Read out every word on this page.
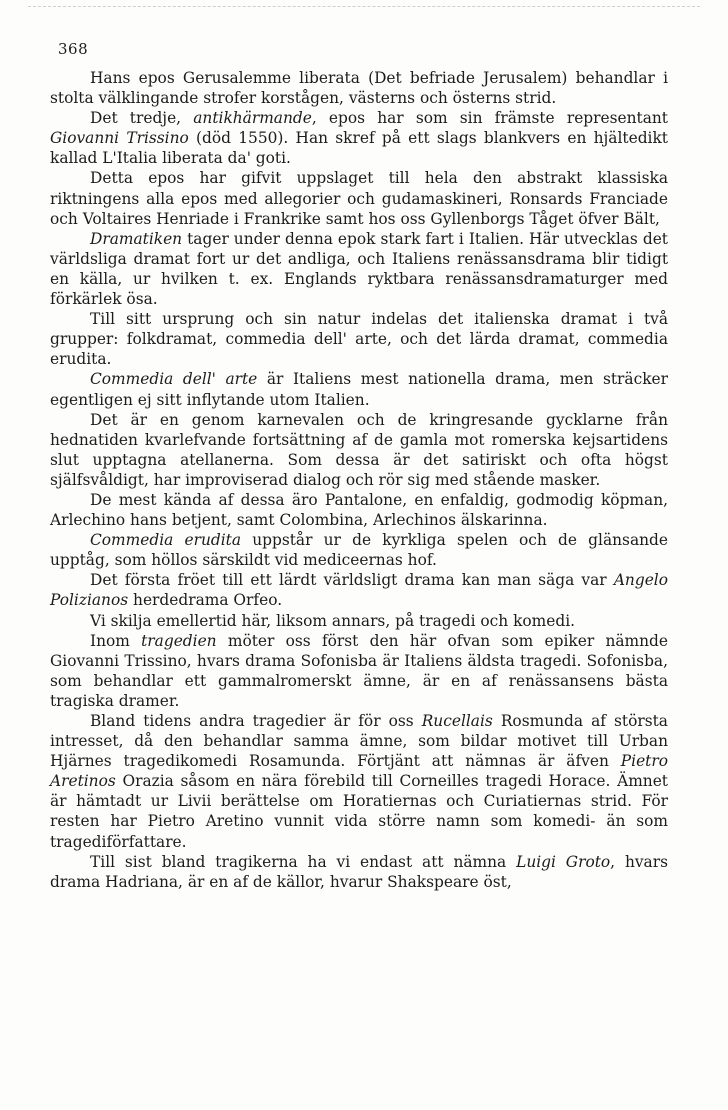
368

Hans epos Gerusalemme liberata (Det befriade Jerusalem) behandlar i stolta välklingande strofer korstågen, västerns och österns strid.

Det tredje, antikhärmande, epos har som sin främste representant Giovanni Trissino (död 1550). Han skref på ett slags blankvers en hjältedikt kallad L'Italia liberata da' goti.

Detta epos har gifvit uppslaget till hela den abstrakt klassiska riktningens alla epos med allegorier och gudamaskineri, Ronsards Franciade och Voltaires Henriade i Frankrike samt hos oss Gyllenborgs Tåget öfver Bält,

Dramatiken tager under denna epok stark fart i Italien. Här utvecklas det världsliga dramat fort ur det andliga, och Italiens renässansdrama blir tidigt en källa, ur hvilken t. ex. Englands ryktbara renässansdramaturger med förkärlek ösa.

Till sitt ursprung och sin natur indelas det italienska dramat i två grupper: folkdramat, commedia dell' arte, och det lärda dramat, commedia erudita.

Commedia dell' arte är Italiens mest nationella drama, men sträcker egentligen ej sitt inflytande utom Italien.

Det är en genom karnevalen och de kringresande gycklarne från hednatiden kvarlefvande fortsättning af de gamla mot romerska kejsartidens slut upptagna atellanerna. Som dessa är det satiriskt och ofta högst själfsvåldigt, har improviserad dialog och rör sig med stående masker.

De mest kända af dessa äro Pantalone, en enfaldig, godmodig köpman, Arlechino hans betjent, samt Colombina, Arlechinos älskarinna.

Commedia erudita uppstår ur de kyrkliga spelen och de glänsande upptåg, som höllos särskildt vid mediceernas hof.

Det första fröet till ett lärdt världsligt drama kan man säga var Angelo Polizianos herdedrama Orfeo.

Vi skilja emellertid här, liksom annars, på tragedi och komedi.

Inom tragedien möter oss först den här ofvan som epiker nämnde Giovanni Trissino, hvars drama Sofonisba är Italiens äldsta tragedi. Sofonisba, som behandlar ett gammalromerskt ämne, är en af renässansens bästa tragiska dramer.

Bland tidens andra tragedier är för oss Rucellais Rosmunda af största intresset, då den behandlar samma ämne, som bildar motivet till Urban Hjärnes tragedikomedi Rosamunda. Förtjänt att nämnas är äfven Pietro Aretinos Orazia såsom en nära förebild till Corneilles tragedi Horace. Ämnet är hämtadt ur Livii berättelse om Horatiernas och Curiatiernas strid. För resten har Pietro Aretino vunnit vida större namn som komedi- än som tragediförfattare.

Till sist bland tragikerna ha vi endast att nämna Luigi Groto, hvars drama Hadriana, är en af de källor, hvarur Shakspeare öst,
